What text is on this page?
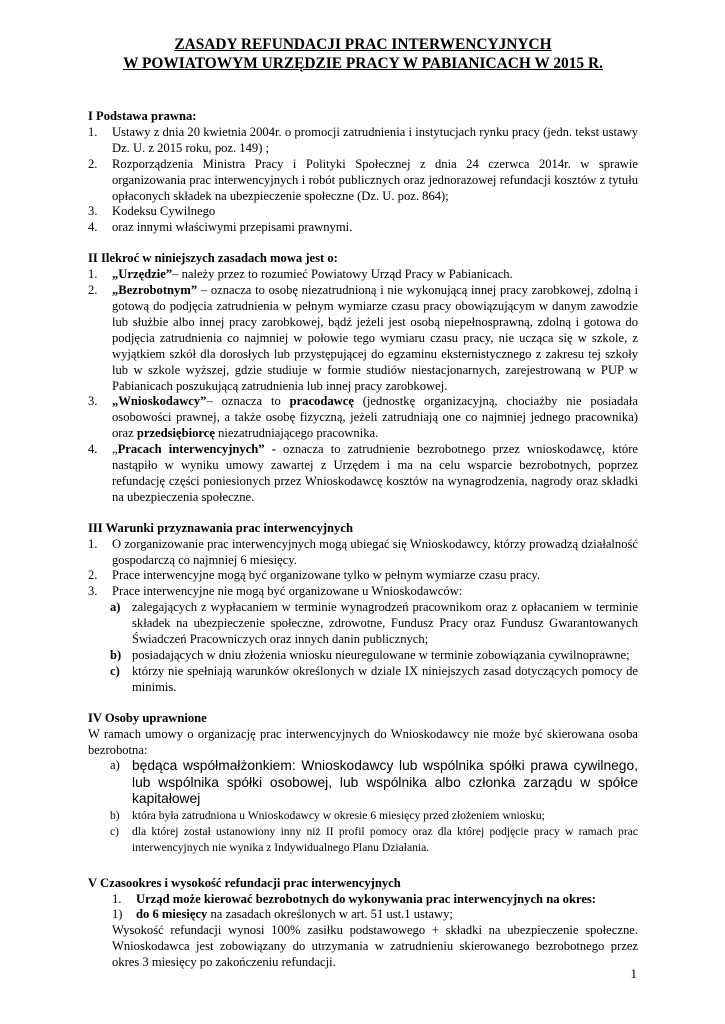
ZASADY REFUNDACJI PRAC INTERWENCYJNYCH
W POWIATOWYM URZĘDZIE PRACY W PABIANICACH W 2015 R.
I Podstawa prawna:
1.	Ustawy z dnia 20 kwietnia 2004r. o promocji zatrudnienia i instytucjach rynku pracy (jedn. tekst ustawy Dz. U. z 2015 roku, poz. 149) ;
2.	Rozporządzenia Ministra Pracy i Polityki Społecznej z dnia 24 czerwca 2014r. w sprawie organizowania prac interwencyjnych i robót publicznych oraz jednorazowej refundacji kosztów z tytułu opłaconych składek na ubezpieczenie społeczne (Dz. U. poz. 864);
3.	Kodeksu Cywilnego
4.	oraz innymi właściwymi przepisami prawnymi.
II Ilekroć w niniejszych zasadach mowa jest o:
1.	„Urzędzie”– należy przez to rozumieć Powiatowy Urząd Pracy w Pabianicach.
2.	„Bezrobotnym” – oznacza to osobę niezatrudnioną i nie wykonującą innej pracy zarobkowej, zdolną i gotową do podjęcia zatrudnienia w pełnym wymiarze czasu pracy obowiązującym w danym zawodzie lub służbie albo innej pracy zarobkowej, bądź jeżeli jest osobą niepełnosprawną, zdolną i gotowa do podjęcia zatrudnienia co najmniej w połowie tego wymiaru czasu pracy, nie ucząca się w szkole, z wyjątkiem szkół dla dorosłych lub przystępującej do egzaminu eksternistycznego z zakresu tej szkoły lub w szkole wyższej, gdzie studiuje w formie studiów niestacjonarnych, zarejestrowaną w PUP w Pabianicach poszukującą zatrudnienia lub innej pracy zarobkowej.
3.	„Wnioskodawcy”– oznacza to pracodawcę (jednostkę organizacyjną, chociażby nie posiadała osobowości prawnej, a także osobę fizyczną, jeżeli zatrudniają one co najmniej jednego pracownika) oraz przedsiębiorcę niezatrudniającego pracownika.
4.	„Pracach interwencyjnych” - oznacza to zatrudnienie bezrobotnego przez wnioskodawcę, które nastąpiło w wyniku umowy zawartej z Urzędem i ma na celu wsparcie bezrobotnych, poprzez refundację części poniesionych przez Wnioskodawcę kosztów na wynagrodzenia, nagrody oraz składki na ubezpieczenia społeczne.
III Warunki przyznawania prac interwencyjnych
1.	O zorganizowanie prac interwencyjnych mogą ubiegać się Wnioskodawcy, którzy prowadzą działalność gospodarczą co najmniej 6 miesięcy.
2.	Prace interwencyjne mogą być organizowane tylko w pełnym wymiarze czasu pracy.
3.	Prace interwencyjne nie mogą być organizowane u Wnioskodawców:
a) zalegających z wypłacaniem w terminie wynagrodzeń pracownikom oraz z opłacaniem w terminie składek na ubezpieczenie społeczne, zdrowotne, Fundusz Pracy oraz Fundusz Gwarantowanych Świadczeń Pracowniczych oraz innych danin publicznych;
b) posiadających w dniu złożenia wniosku nieuregulowane w terminie zobowiązania cywilnoprawne;
c) którzy nie spełniają warunków określonych w dziale IX niniejszych zasad dotyczących pomocy de minimis.
IV Osoby uprawnione
W ramach umowy o organizację prac interwencyjnych do Wnioskodawcy nie może być skierowana osoba bezrobotna:
a) będąca współmałżonkiem: Wnioskodawcy lub wspólnika spółki prawa cywilnego, lub wspólnika spółki osobowej, lub wspólnika albo członka zarządu w spółce kapitałowej
b)	która była zatrudniona u Wnioskodawcy w okresie 6 miesięcy przed złożeniem wniosku;
c)	dla której został ustanowiony inny niż II profil pomocy oraz dla której podjęcie pracy w ramach prac interwencyjnych nie wynika z Indywidualnego Planu Działania.
V Czasookres i wysokość refundacji prac interwencyjnych
1.	Urząd może kierować bezrobotnych do wykonywania prac interwencyjnych na okres:
1)	do 6 miesięcy na zasadach określonych w art. 51 ust.1 ustawy;
Wysokość refundacji wynosi 100% zasiłku podstawowego + składki na ubezpieczenie społeczne. Wnioskodawca jest zobowiązany do utrzymania w zatrudnieniu skierowanego bezrobotnego przez okres 3 miesięcy po zakończeniu refundacji.
1
